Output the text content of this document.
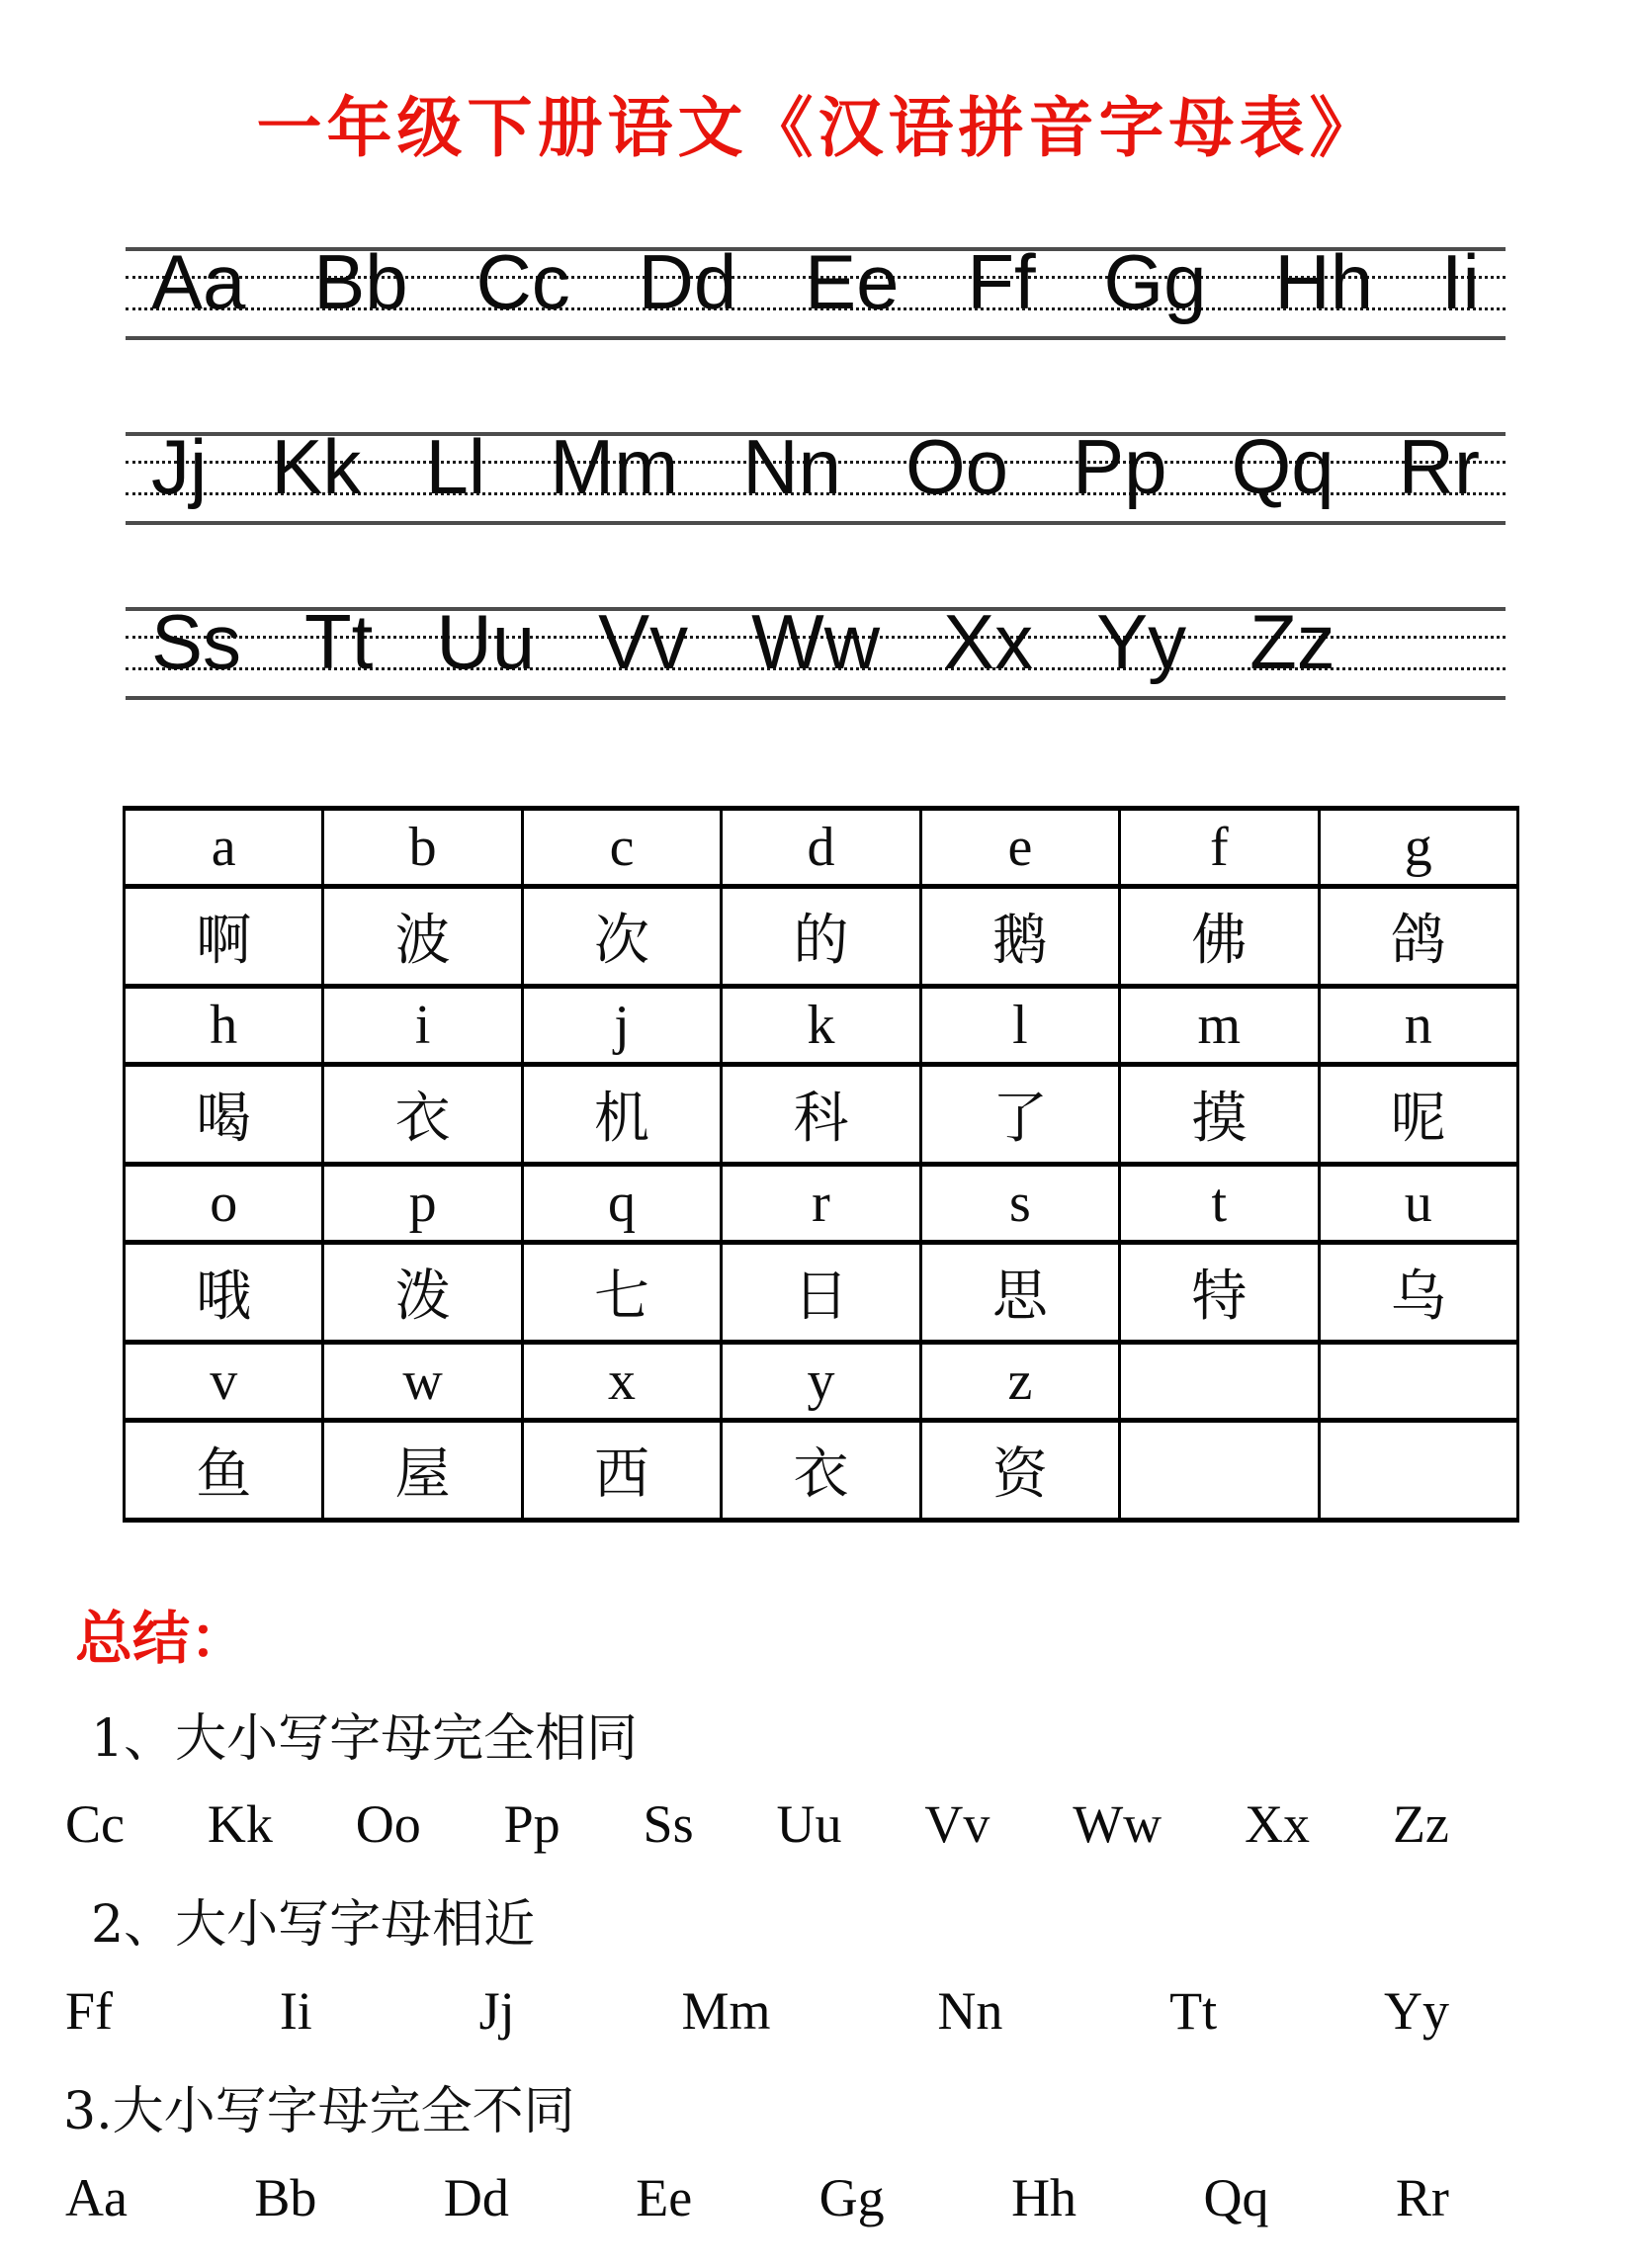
一年级下册语文《汉语拼音字母表》
Aa Bb Cc Dd Ee Ff Gg Hh Ii
Jj Kk Ll Mm Nn Oo Pp Qq Rr
Ss Tt Uu Vv Ww Xx Yy Zz
a	b	c	d	e	f	g
啊	波	次	的	鹅	佛	鸽
h	i	j	k	l	m	n
喝	衣	机	科	了	摸	呢
o	p	q	r	s	t	u
哦	泼	七	日	思	特	乌
v	w	x	y	z		
鱼	屋	西	衣	资		
总结：
1、大小写字母完全相同
Cc Kk Oo Pp Ss Uu Vv Ww Xx Zz
2、大小写字母相近
Ff	Ii	Jj	Mm	Nn	Tt	Yy
3.大小写字母完全不同
Aa Bb Dd Ee Gg Hh Qq Rr
